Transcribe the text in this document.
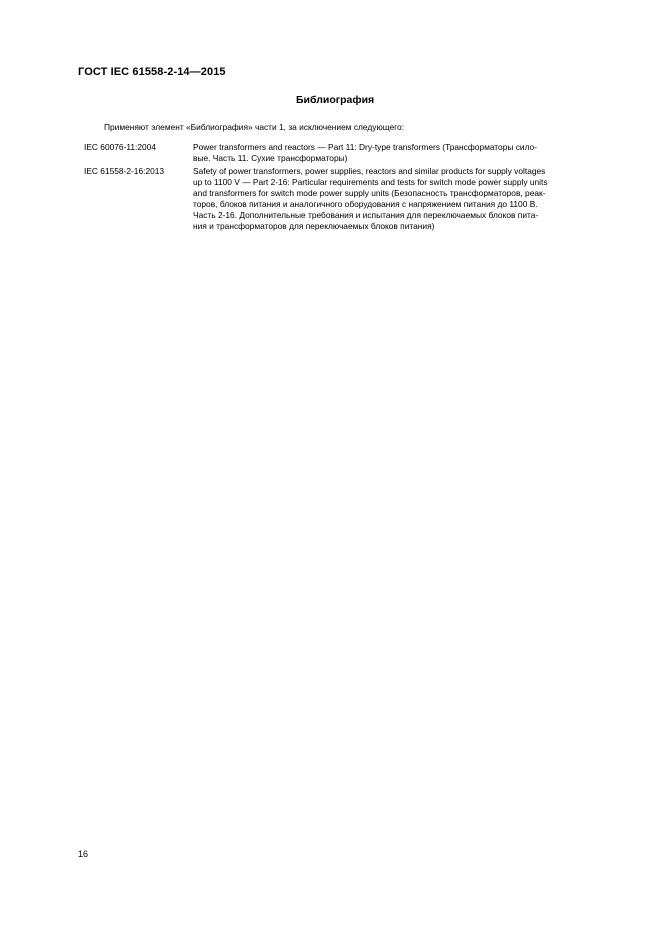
ГОСТ IEC 61558-2-14—2015
Библиография
Применяют элемент «Библиография» части 1, за исключением следующего:
IEC 60076-11:2004	Power transformers and reactors — Part 11: Dry-type transformers (Трансформаторы сило-
вые. Часть 11. Сухие трансформаторы)
IEC 61558-2-16:2013	Safety of power transformers, power supplies, reactors and similar products for supply voltages
up to 1100 V — Part 2-16: Particular requirements and tests for switch mode power supply units
and transformers for switch mode power supply units (Безопасность трансформаторов, реак-
торов, блоков питания и аналогичного оборудования с напряжением питания до 1100 В.
Часть 2-16. Дополнительные требования и испытания для переключаемых блоков пита-
ния и трансформаторов для переключаемых блоков питания)
16
